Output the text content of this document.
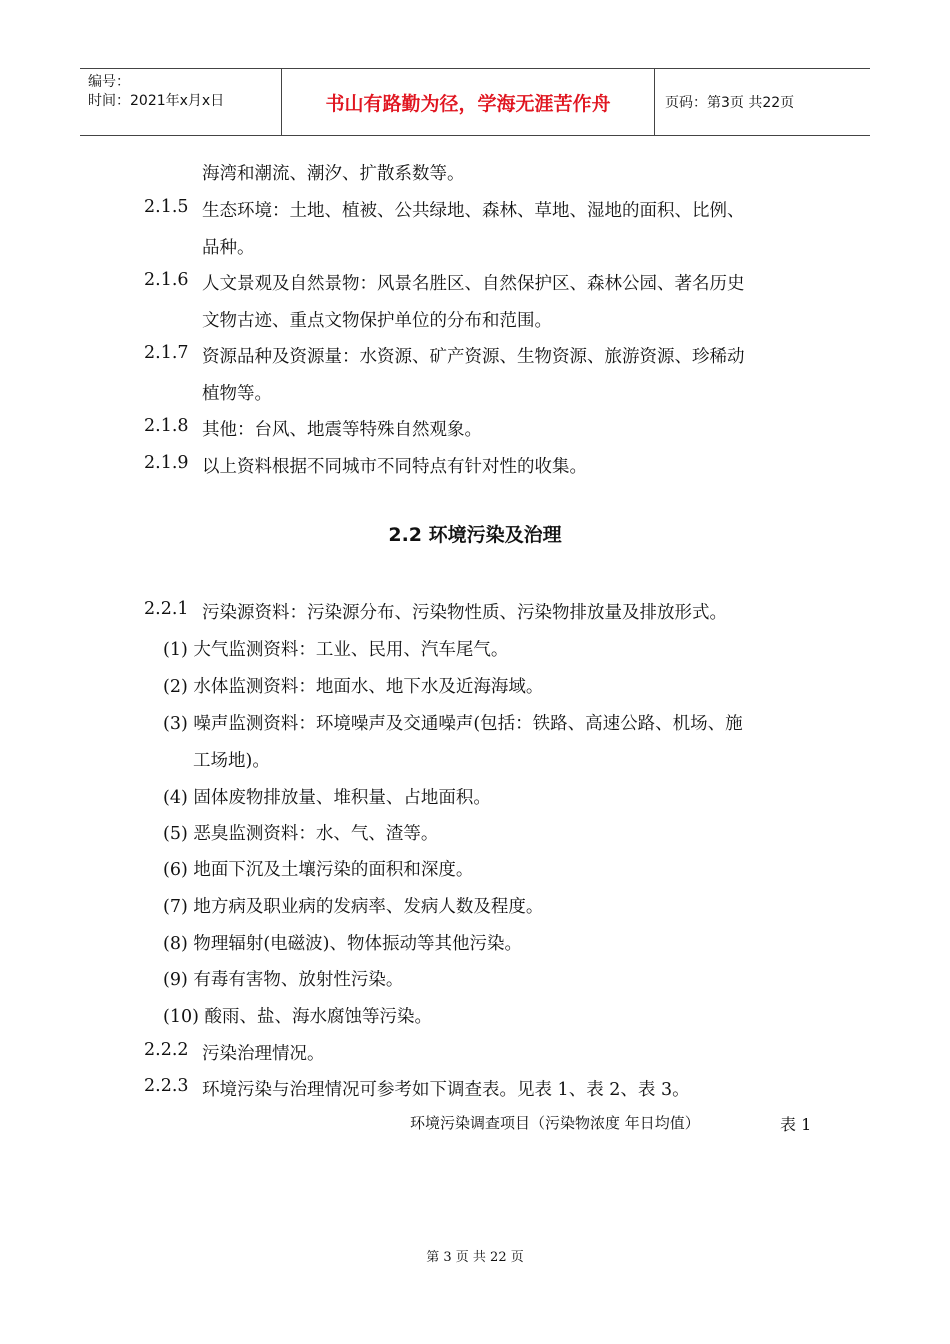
编号：
时间：2021年x月x日	书山有路勤为径，学海无涯苦作舟	页码：第3页 共22页
海湾和潮流、潮汐、扩散系数等。
2.1.5 生态环境：土地、植被、公共绿地、森林、草地、湿地的面积、比例、
品种。
2.1.6 人文景观及自然景物：风景名胜区、自然保护区、森林公园、著名历史
文物古迹、重点文物保护单位的分布和范围。
2.1.7 资源品种及资源量：水资源、矿产资源、生物资源、旅游资源、珍稀动
植物等。
2.1.8 其他：台风、地震等特殊自然观象。
2.1.9 以上资料根据不同城市不同特点有针对性的收集。
2.2 环境污染及治理
2.2.1 污染源资料：污染源分布、污染物性质、污染物排放量及排放形式。
(1) 大气监测资料：工业、民用、汽车尾气。
(2) 水体监测资料：地面水、地下水及近海海域。
(3) 噪声监测资料：环境噪声及交通噪声(包括：铁路、高速公路、机场、施
工场地)。
(4) 固体废物排放量、堆积量、占地面积。
(5) 恶臭监测资料：水、气、渣等。
(6) 地面下沉及土壤污染的面积和深度。
(7) 地方病及职业病的发病率、发病人数及程度。
(8) 物理辐射(电磁波)、物体振动等其他污染。
(9) 有毒有害物、放射性污染。
(10) 酸雨、盐、海水腐蚀等污染。
2.2.2 污染治理情况。
2.2.3 环境污染与治理情况可参考如下调查表。见表 1、表 2、表 3。
环境污染调查项目（污染物浓度 年日均值）	表 1
第 3 页 共 22 页
